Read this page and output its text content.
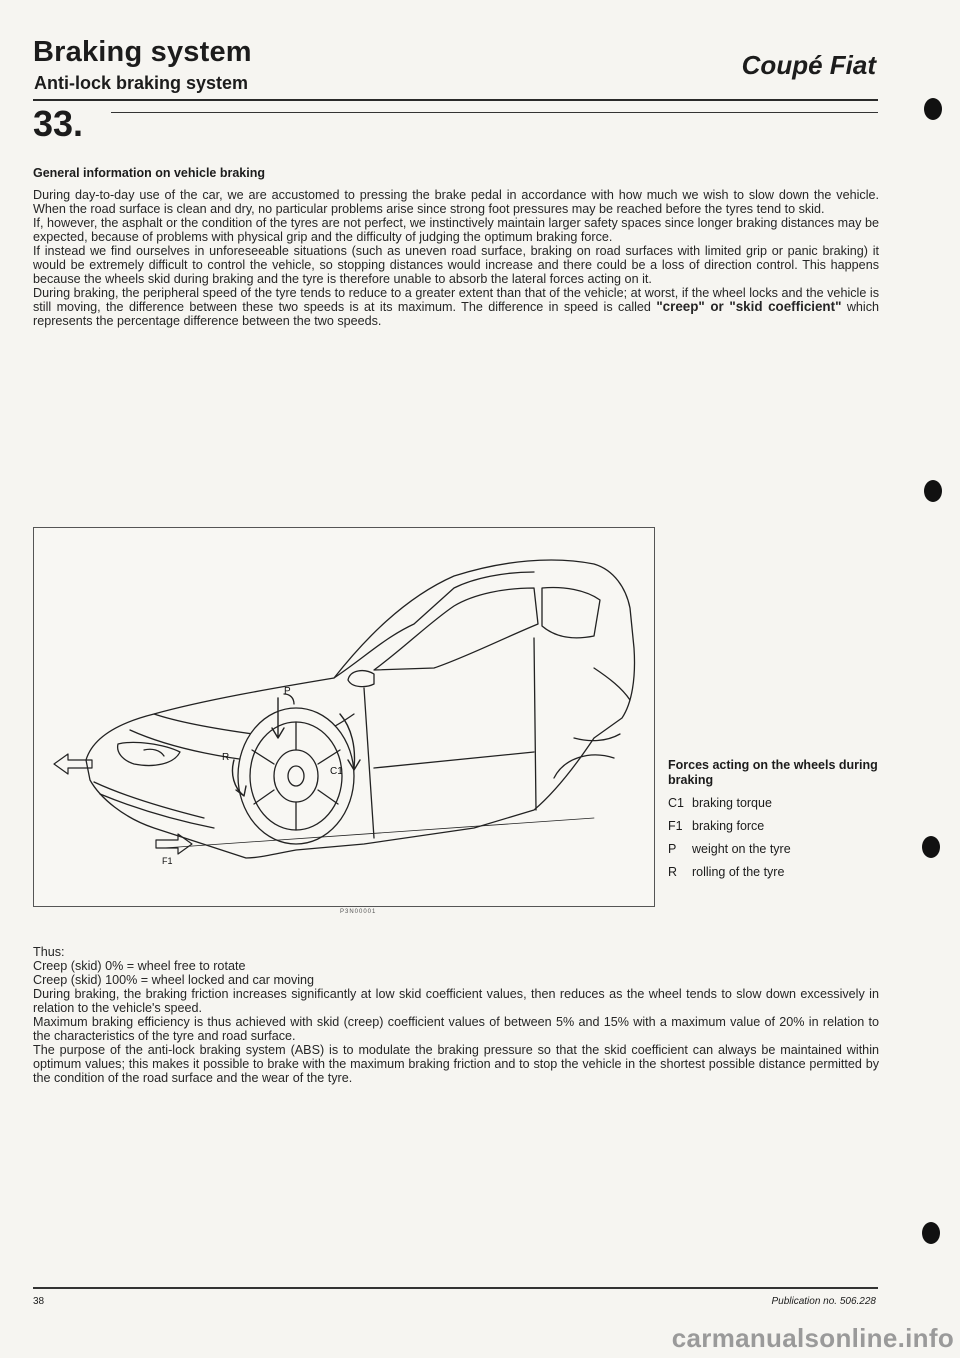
Braking system
Anti-lock braking system
Coupé Fiat
33.
General information on vehicle braking

During day-to-day use of the car, we are accustomed to pressing the brake pedal in accordance with how much we wish to slow down the vehicle. When the road surface is clean and dry, no particular problems arise since strong foot pressures may be reached before the tyres tend to skid.

If, however, the asphalt or the condition of the tyres are not perfect, we instinctively maintain larger safety spaces since longer braking distances may be expected, because of problems with physical grip and the difficulty of judging the optimum braking force.

If instead we find ourselves in unforeseeable situations (such as uneven road surface, braking on road surfaces with limited grip or panic braking) it would be extremely difficult to control the vehicle, so stopping distances would increase and there could be a loss of direction control. This happens because the wheels skid during braking and the tyre is therefore unable to absorb the lateral forces acting on it.

During braking, the peripheral speed of the tyre tends to reduce to a greater extent than that of the vehicle; at worst, if the wheel locks and the vehicle is still moving, the difference between these two speeds is at its maximum. The difference in speed is called "creep" or "skid coefficient" which represents the percentage difference between the two speeds.

P
R
C1
F1
P3N00001
Forces acting on the wheels during braking
C1 braking torque
F1 braking force
P	weight on the tyre
R	rolling of the tyre

Thus:

Creep (skid) 0% = wheel free to rotate

Creep (skid) 100% = wheel locked and car moving

During braking, the braking friction increases significantly at low skid coefficient values, then reduces as the wheel tends to slow down excessively in relation to the vehicle's speed.

Maximum braking efficiency is thus achieved with skid (creep) coefficient values of between 5% and 15% with a maximum value of 20% in relation to the characteristics of the tyre and road surface.

The purpose of the anti-lock braking system (ABS) is to modulate the braking pressure so that the skid coefficient can always be maintained within optimum values; this makes it possible to brake with the maximum braking friction and to stop the vehicle in the shortest possible distance permitted by the condition of the road surface and the wear of the tyre.

38	Publication no. 506.228
carmanualsonline.info
